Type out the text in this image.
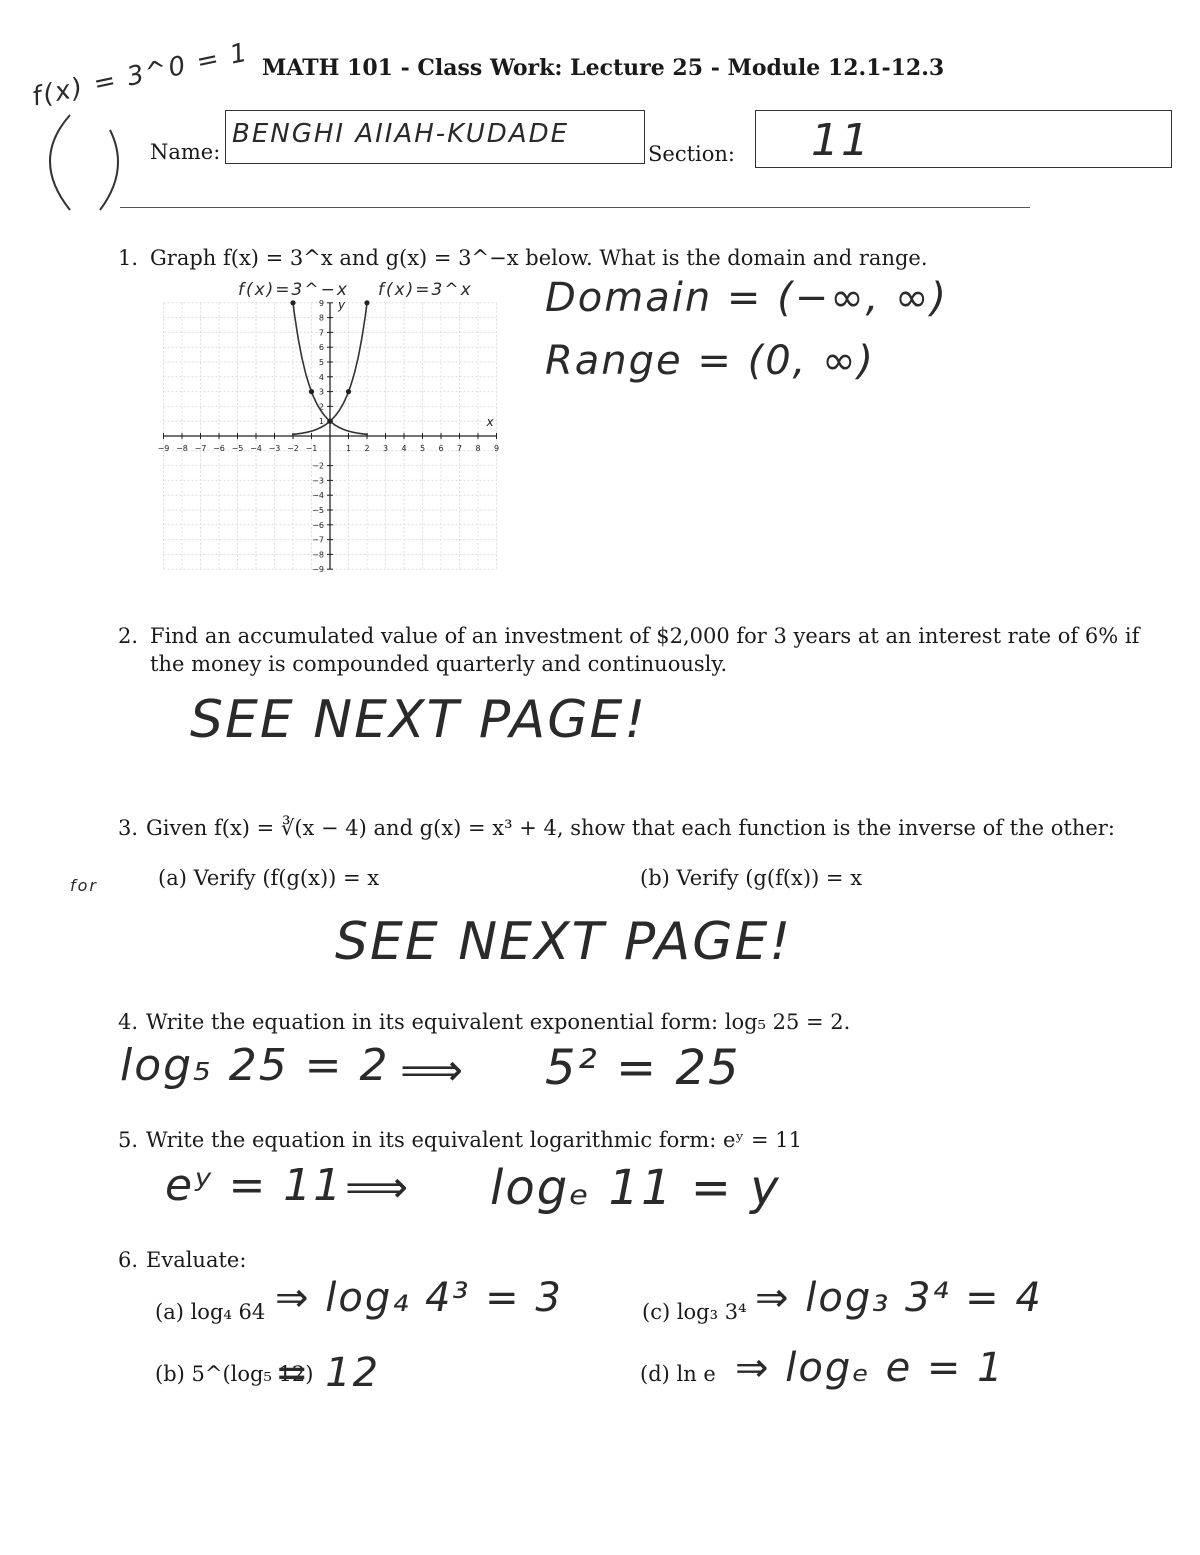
f(x) = 3^0 = 1 MATH 101 - Class Work: Lecture 25 - Module 12.1-12.3
Name:
BENGHI AIIAH-KUDADE
Section: 11
1. Graph f(x) = 3^x and g(x) = 3^−x below. What is the domain and range.
f(x)=3^−x f(x)=3^x Domain = (−∞, ∞)
Range = (0, ∞)
−9 −8 −7 −6 −5 −4 −3 −2 −1	1 2 3 4 5 6 7 8 9
−9
−8
−7
−6
−5
−4
−3
−2
1
2
3
4
5
6
7
8
9
x
y
2. Find an accumulated value of an investment of $2,000 for 3 years at an interest rate of 6% if
the money is compounded quarterly and continuously.
SEE NEXT PAGE!
3. Given f(x) = ∛(x − 4) and g(x) = x³ + 4, show that each function is the inverse of the other:
for	(a) Verify (f(g(x)) = x	(b) Verify (g(f(x)) = x
SEE NEXT PAGE!
4. Write the equation in its equivalent exponential form: log₅ 25 = 2.
log₅ 25 = 2 ⟹ 5² = 25
5. Write the equation in its equivalent logarithmic form: eʸ = 11
eʸ = 11 ⟹ logₑ 11 = y
6. Evaluate:
(a) log₄ 64 ⇒ log₄ 4³ = 3
(b) 5^(log₅ 12)
= 12
(c) log₃ 3⁴ ⇒ log₃ 3⁴ = 4
(d) ln e ⇒ logₑ e = 1
